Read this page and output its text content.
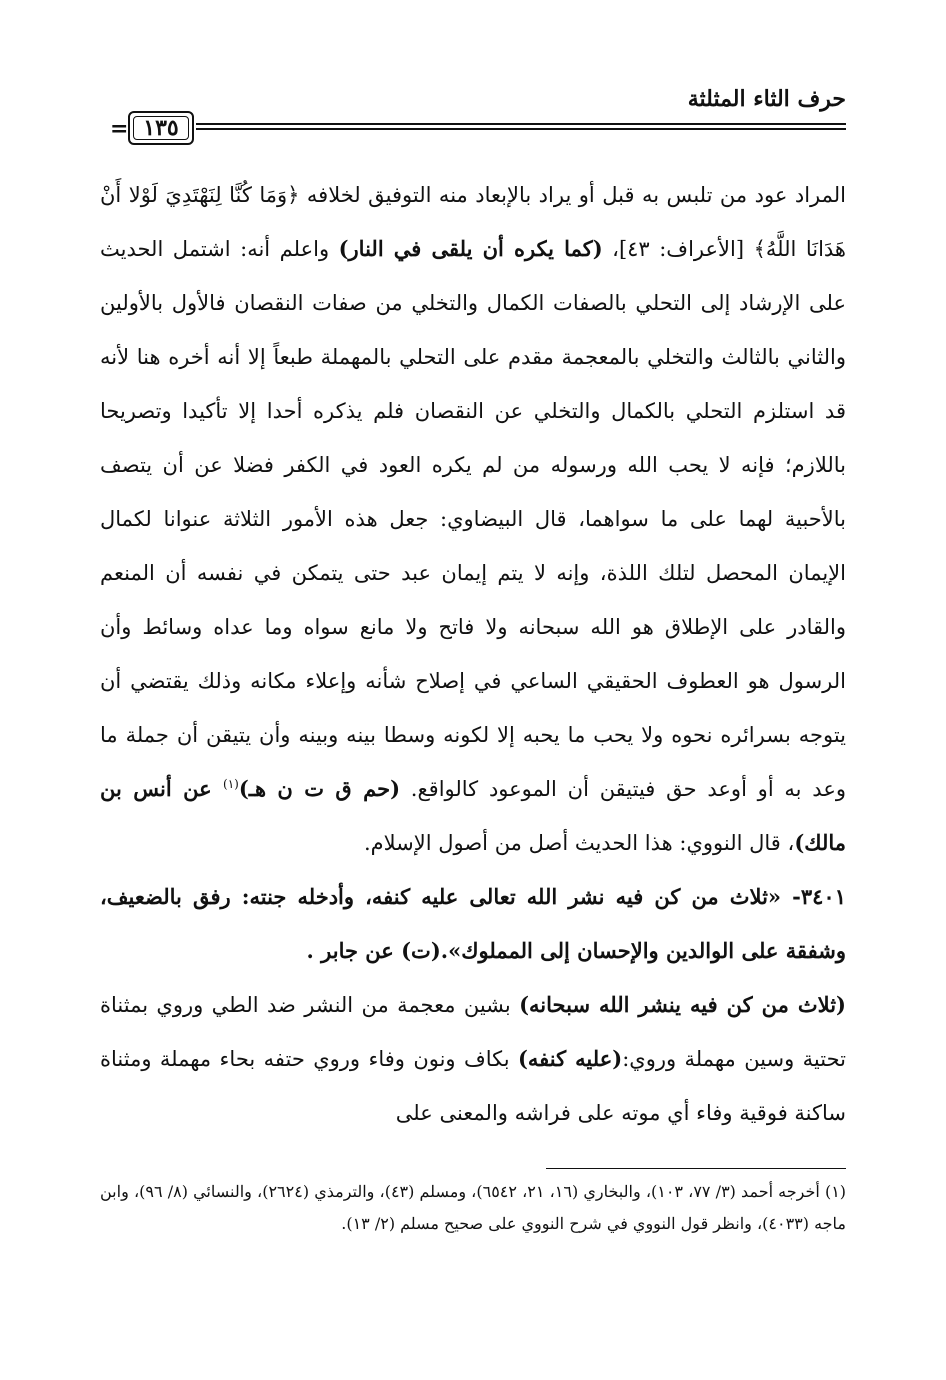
حرف الثاء المثلثة
١٣٥
=

المراد عود من تلبس به قبل أو يراد بالإبعاد منه التوفيق لخلافه ﴿وَمَا كُنَّا لِنَهْتَدِيَ لَوْلا أَنْ هَدَانَا اللَّهُ﴾ [الأعراف: ٤٣]، (كما يكره أن يلقى في النار) واعلم أنه: اشتمل الحديث على الإرشاد إلى التحلي بالصفات الكمال والتخلي من صفات النقصان فالأول بالأولين والثاني بالثالث والتخلي بالمعجمة مقدم على التحلي بالمهملة طبعاً إلا أنه أخره هنا لأنه قد استلزم التحلي بالكمال والتخلي عن النقصان فلم يذكره أحدا إلا تأكيدا وتصريحا باللازم؛ فإنه لا يحب الله ورسوله من لم يكره العود في الكفر فضلا عن أن يتصف بالأحبية لهما على ما سواهما، قال البيضاوي: جعل هذه الأمور الثلاثة عنوانا لكمال الإيمان المحصل لتلك اللذة، وإنه لا يتم إيمان عبد حتى يتمكن في نفسه أن المنعم والقادر على الإطلاق هو الله سبحانه ولا فاتح ولا مانع سواه وما عداه وسائط وأن الرسول هو العطوف الحقيقي الساعي في إصلاح شأنه وإعلاء مكانه وذلك يقتضي أن يتوجه بسرائره نحوه ولا يحب ما يحبه إلا لكونه وسطا بينه وبينه وأن يتيقن أن جملة ما وعد به أو أوعد حق فيتيقن أن الموعود كالواقع. (حم ق ت ن هـ)$^{(١)}$ عن أنس بن مالك)، قال النووي: هذا الحديث أصل من أصول الإسلام.

٣٤٠١- «ثلاث من كن فيه نشر الله تعالى عليه كنفه، وأدخله جنته: رفق بالضعيف، وشفقة على الوالدين والإحسان إلى المملوك».(ت) عن جابر .

(ثلاث من كن فيه ينشر الله سبحانه) بشين معجمة من النشر ضد الطي وروي بمثناة تحتية وسين مهملة وروي:(عليه كنفه) بكاف ونون وفاء وروي حتفه بحاء مهملة ومثناة ساكنة فوقية وفاء أي موته على فراشه والمعنى على

(١) أخرجه أحمد (٣/ ٧٧، ١٠٣)، والبخاري (١٦، ٢١، ٦٥٤٢)، ومسلم (٤٣)، والترمذي (٢٦٢٤)، والنسائي (٨/ ٩٦)، وابن ماجه (٤٠٣٣)، وانظر قول النووي في شرح النووي على صحيح مسلم (٢/ ١٣).
